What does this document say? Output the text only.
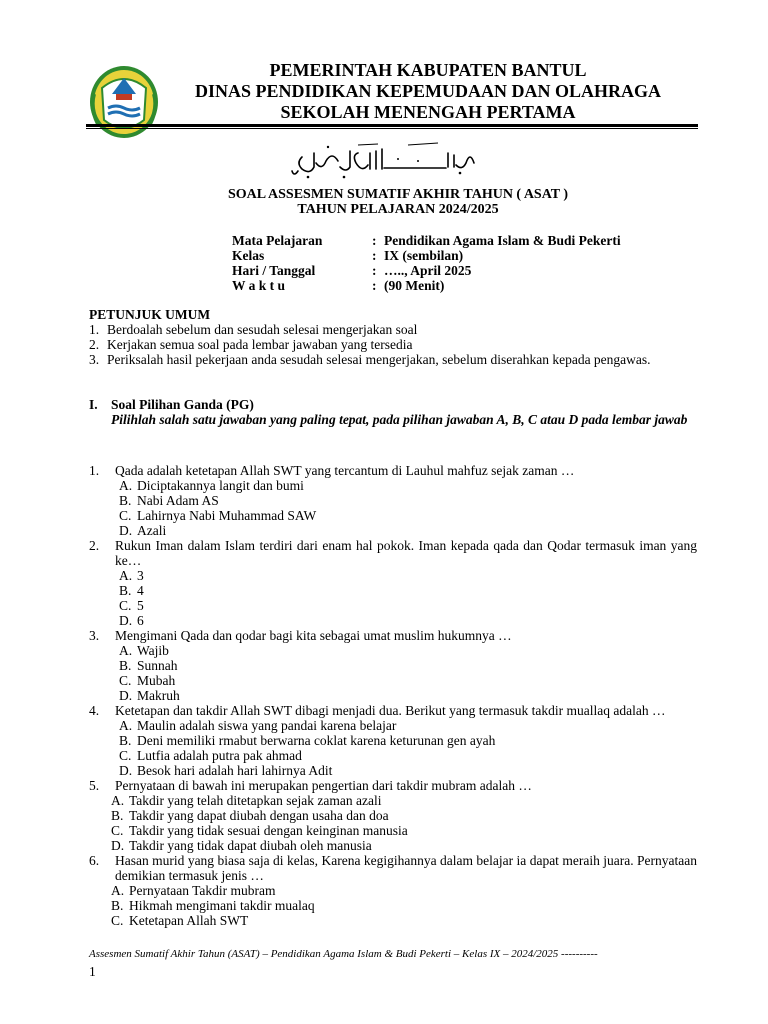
PEMERINTAH KABUPATEN BANTUL
DINAS PENDIDIKAN KEPEMUDAAN DAN OLAHRAGA
SEKOLAH MENENGAH PERTAMA
SOAL ASSESMEN SUMATIF AKHIR TAHUN ( ASAT )
TAHUN PELAJARAN 2024/2025
Mata Pelajaran	: Pendidikan Agama Islam & Budi Pekerti
Kelas	: IX (sembilan)
Hari / Tanggal	: ….., April 2025
W a k t u	: (90 Menit)
PETUNJUK UMUM
1. Berdoalah sebelum dan sesudah selesai mengerjakan soal
2. Kerjakan semua soal pada lembar jawaban yang tersedia
3. Periksalah hasil pekerjaan anda sesudah selesai mengerjakan, sebelum diserahkan kepada pengawas.
I. Soal Pilihan Ganda (PG)
Pilihlah salah satu jawaban yang paling tepat, pada pilihan jawaban A, B, C atau D pada lembar jawab
1.	Qada adalah ketetapan Allah SWT yang tercantum di Lauhul mahfuz sejak zaman …
A. Diciptakannya langit dan bumi
B. Nabi Adam AS
C. Lahirnya Nabi Muhammad SAW
D. Azali
2.	Rukun Iman dalam Islam terdiri dari enam hal pokok. Iman kepada qada dan Qodar termasuk iman yang ke…
A. 3
B. 4
C. 5
D. 6
3.	Mengimani Qada dan qodar bagi kita sebagai umat muslim hukumnya …
A. Wajib
B. Sunnah
C. Mubah
D. Makruh
4.	Ketetapan dan takdir Allah SWT dibagi menjadi dua. Berikut yang termasuk takdir muallaq adalah …
A. Maulin adalah siswa yang pandai karena belajar
B. Deni memiliki rmabut berwarna coklat karena keturunan gen ayah
C. Lutfia adalah putra pak ahmad
D. Besok hari adalah hari lahirnya Adit
5.	Pernyataan di bawah ini merupakan pengertian dari takdir mubram adalah …
A. Takdir yang telah ditetapkan sejak zaman azali
B. Takdir yang dapat diubah dengan usaha dan doa
C. Takdir yang tidak sesuai dengan keinginan manusia
D. Takdir yang tidak dapat diubah oleh manusia
6.	Hasan murid yang biasa saja di kelas, Karena kegigihannya dalam belajar ia dapat meraih juara. Pernyataan demikian termasuk jenis …
A. Pernyataan Takdir mubram
B. Hikmah mengimani takdir mualaq
C. Ketetapan Allah SWT
Assesmen Sumatif Akhir Tahun (ASAT) – Pendidikan Agama Islam & Budi Pekerti – Kelas IX – 2024/2025 ----------
1
